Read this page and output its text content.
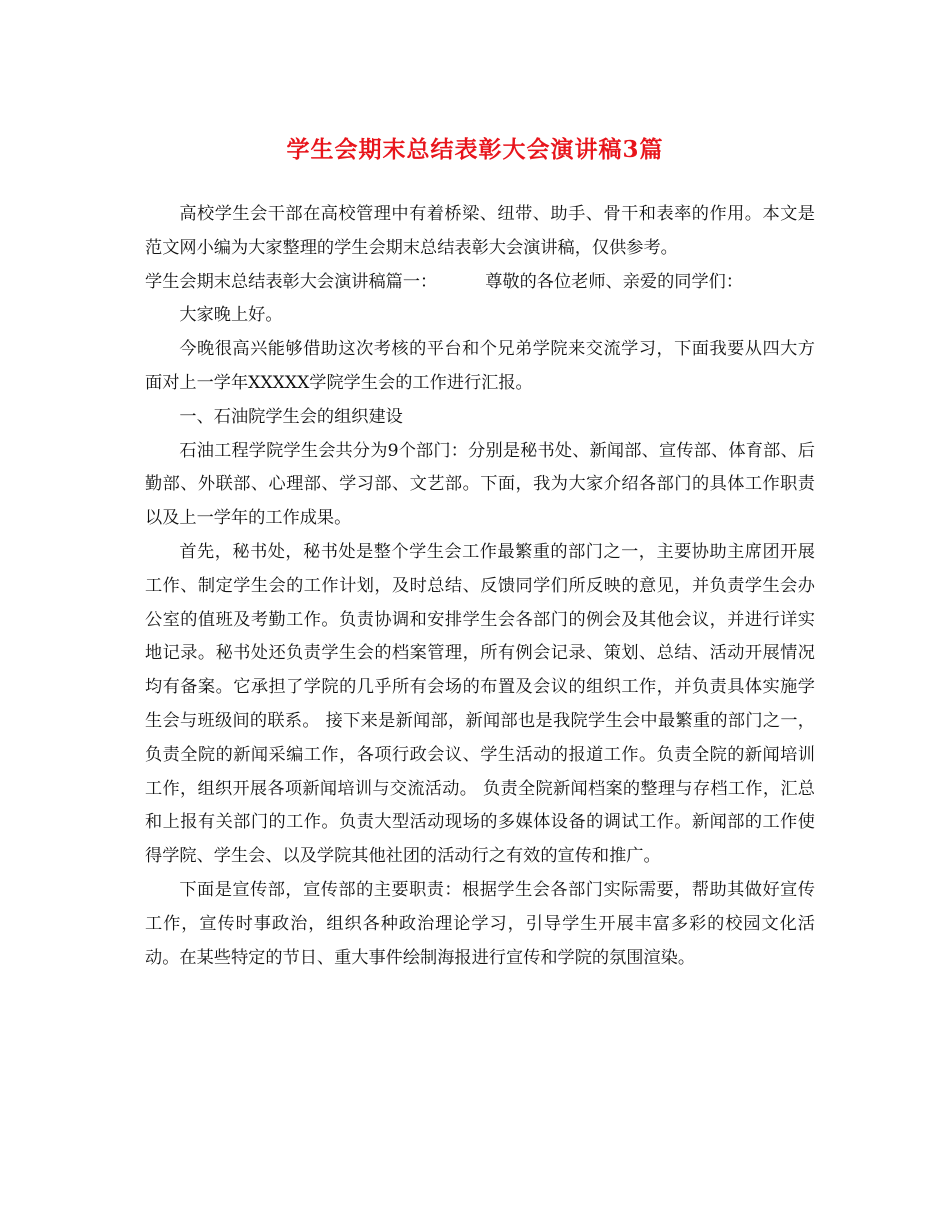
学生会期末总结表彰大会演讲稿3篇

高校学生会干部在高校管理中有着桥梁、纽带、助手、骨干和表率的作用。本文是范文网小编为大家整理的学生会期末总结表彰大会演讲稿，仅供参考。

学生会期末总结表彰大会演讲稿篇一：	尊敬的各位老师、亲爱的同学们：

大家晚上好。

今晚很高兴能够借助这次考核的平台和个兄弟学院来交流学习，下面我要从四大方面对上一学年XXXXX学院学生会的工作进行汇报。

一、石油院学生会的组织建设

石油工程学院学生会共分为9个部门：分别是秘书处、新闻部、宣传部、体育部、后勤部、外联部、心理部、学习部、文艺部。下面，我为大家介绍各部门的具体工作职责以及上一学年的工作成果。

首先，秘书处，秘书处是整个学生会工作最繁重的部门之一，主要协助主席团开展工作、制定学生会的工作计划，及时总结、反馈同学们所反映的意见，并负责学生会办公室的值班及考勤工作。负责协调和安排学生会各部门的例会及其他会议，并进行详实地记录。秘书处还负责学生会的档案管理，所有例会记录、策划、总结、活动开展情况均有备案。它承担了学院的几乎所有会场的布置及会议的组织工作，并负责具体实施学生会与班级间的联系。 接下来是新闻部，新闻部也是我院学生会中最繁重的部门之一，负责全院的新闻采编工作，各项行政会议、学生活动的报道工作。负责全院的新闻培训工作，组织开展各项新闻培训与交流活动。 负责全院新闻档案的整理与存档工作，汇总和上报有关部门的工作。负责大型活动现场的多媒体设备的调试工作。新闻部的工作使得学院、学生会、以及学院其他社团的活动行之有效的宣传和推广。

下面是宣传部，宣传部的主要职责：根据学生会各部门实际需要，帮助其做好宣传工作，宣传时事政治，组织各种政治理论学习，引导学生开展丰富多彩的校园文化活动。在某些特定的节日、重大事件绘制海报进行宣传和学院的氛围渲染。
